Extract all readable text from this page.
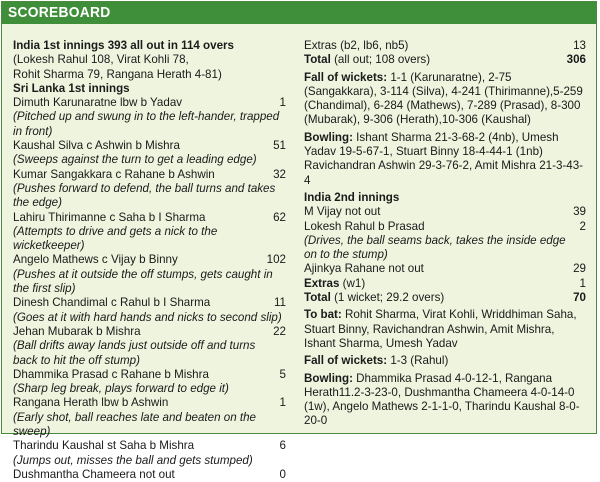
SCOREBOARD
India 1st innings 393 all out in 114 overs
(Lokesh Rahul 108, Virat Kohli 78,
Rohit Sharma 79, Rangana Herath 4-81)
Sri Lanka 1st innings
Dimuth Karunaratne lbw b Yadav	1
(Pitched up and swung in to the left-hander, trapped in front)
Kaushal Silva c Ashwin b Mishra	51
(Sweeps against the turn to get a leading edge)
Kumar Sangakkara c Rahane b Ashwin	32
(Pushes forward to defend, the ball turns and takes the edge)
Lahiru Thirimanne c Saha b I Sharma	62
(Attempts to drive and gets a nick to the wicketkeeper)
Angelo Mathews c Vijay b Binny	102
(Pushes at it outside the off stumps, gets caught in the first slip)
Dinesh Chandimal c Rahul b I Sharma	11
(Goes at it with hard hands and nicks to second slip)
Jehan Mubarak b Mishra	22
(Ball drifts away lands just outside off and turns
back to hit the off stump)
Dhammika Prasad c Rahane b Mishra	5
(Sharp leg break, plays forward to edge it)
Rangana Herath lbw b Ashwin	1
(Early shot, ball reaches late and beaten on the sweep)
Tharindu Kaushal st Saha b Mishra	6
(Jumps out, misses the ball and gets stumped)
Dushmantha Chameera not out	0
Extras (b2, lb6, nb5)	13
Total (all out; 108 overs)	306
Fall of wickets: 1-1 (Karunaratne), 2-75 (Sangakkara), 3-114 (Silva), 4-241 (Thirimanne),5-259 (Chandimal), 6-284 (Mathews), 7-289 (Prasad), 8-300 (Mubarak), 9-306 (Herath),10-306 (Kaushal)
Bowling: Ishant Sharma 21-3-68-2 (4nb), Umesh Yadav 19-5-67-1, Stuart Binny 18-4-44-1 (1nb) Ravichandran Ashwin 29-3-76-2, Amit Mishra 21-3-43-4
India 2nd innings
M Vijay not out	39
Lokesh Rahul b Prasad	2
(Drives, the ball seams back, takes the inside edge
on to the stump)
Ajinkya Rahane not out	29
Extras (w1)	1
Total (1 wicket; 29.2 overs)	70
To bat: Rohit Sharma, Virat Kohli, Wriddhiman Saha, Stuart Binny, Ravichandran Ashwin, Amit Mishra, Ishant Sharma, Umesh Yadav
Fall of wickets: 1-3 (Rahul)
Bowling: Dhammika Prasad 4-0-12-1, Rangana Herath11.2-3-23-0, Dushmantha Chameera 4-0-14-0 (1w), Angelo Mathews 2-1-1-0, Tharindu Kaushal 8-0-20-0
